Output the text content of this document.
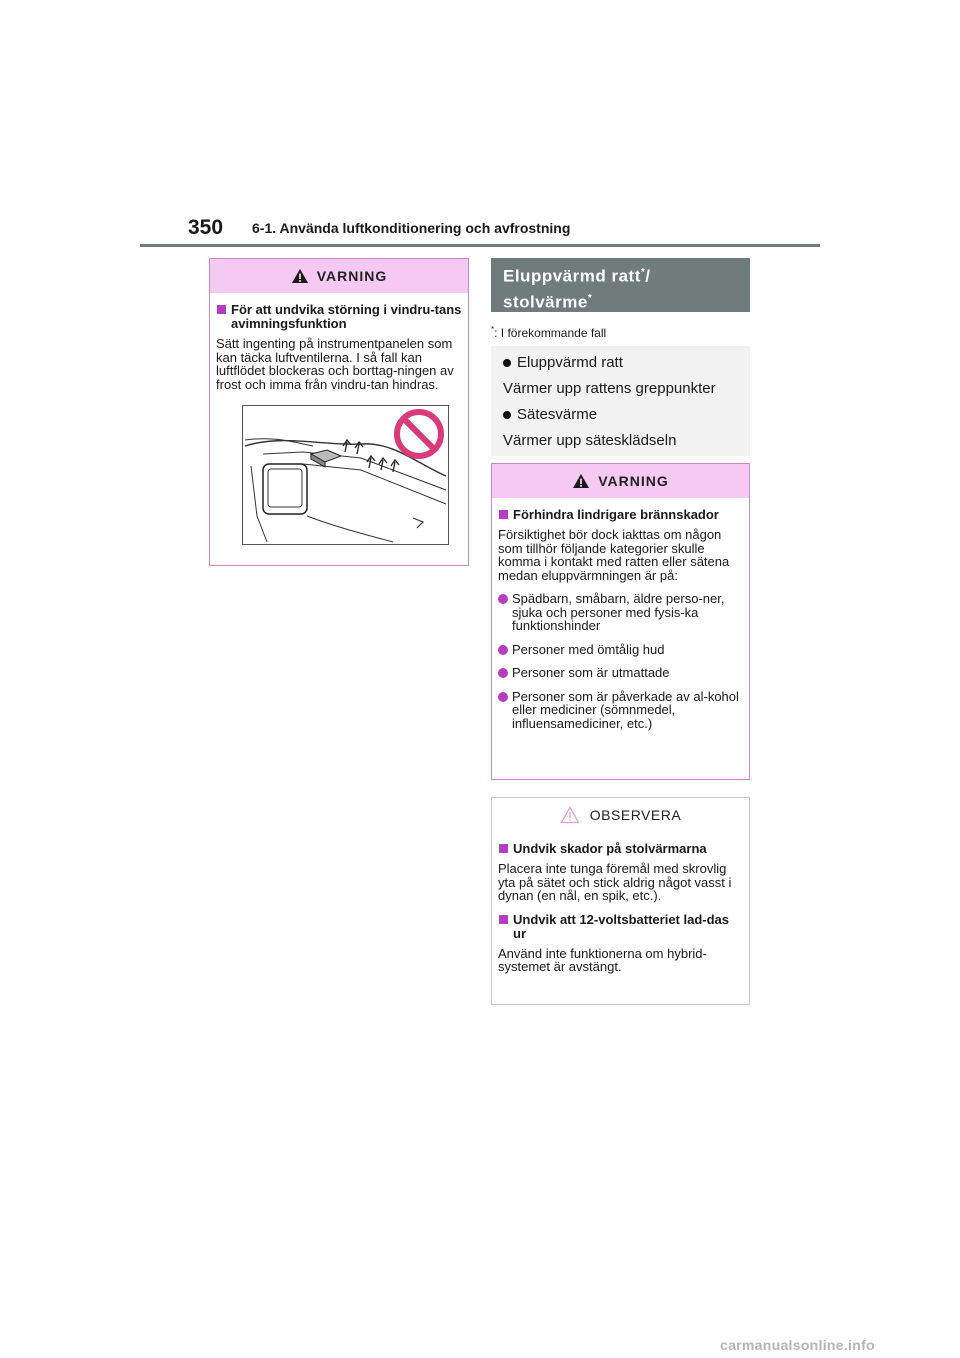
350 6-1. Använda luftkonditionering och avfrostning
VARNING
För att undvika störning i vindru-tans avimningsfunktion

Sätt ingenting på instrumentpanelen som kan täcka luftventilerna. I så fall kan luftflödet blockeras och borttag-ningen av frost och imma från vindru-tan hindras.

Eluppvärmd ratt*/
stolvärme*
*: I förekommande fall
Eluppvärmd ratt
Värmer upp rattens greppunkter
Sätesvärme
Värmer upp sätesklädseln
VARNING
Förhindra lindrigare brännskador

Försiktighet bör dock iakttas om någon som tillhör följande kategorier skulle komma i kontakt med ratten eller sätena medan eluppvärmningen är på:

Spädbarn, småbarn, äldre perso-ner, sjuka och personer med fysis-ka funktionshinder
Personer med ömtålig hud
Personer som är utmattade
Personer som är påverkade av al-kohol eller mediciner (sömnmedel, influensamediciner, etc.)
OBSERVERA
Undvik skador på stolvärmarna

Placera inte tunga föremål med skrovlig yta på sätet och stick aldrig något vasst i dynan (en nål, en spik, etc.).

Undvik att 12-voltsbatteriet lad-das ur

Använd inte funktionerna om hybrid-systemet är avstängt.

carmanualsonline.info
